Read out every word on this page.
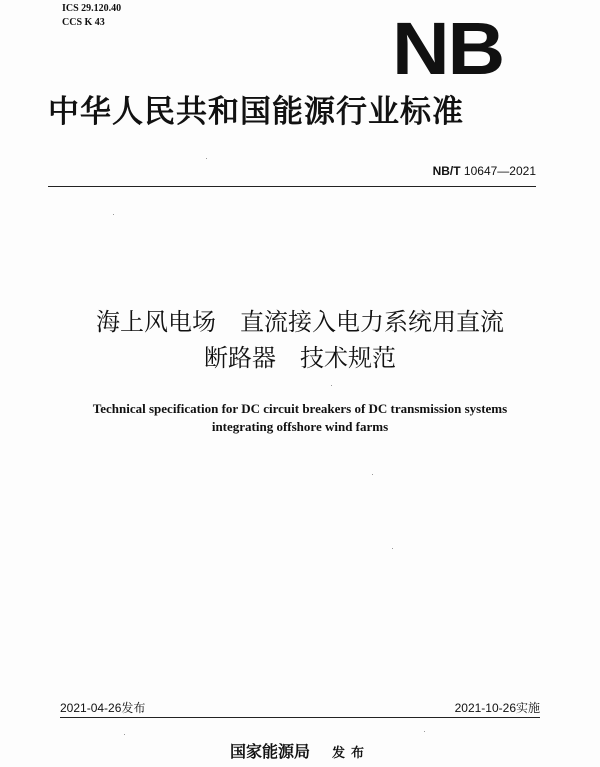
ICS 29.120.40
CCS K 43	NB
中华人民共和国能源行业标准
NB/T 10647—2021
海上风电场　直流接入电力系统用直流
断路器　技术规范
Technical specification for DC circuit breakers of DC transmission systems
integrating offshore wind farms
2021-04-26发布	2021-10-26实施
国家能源局 发布
